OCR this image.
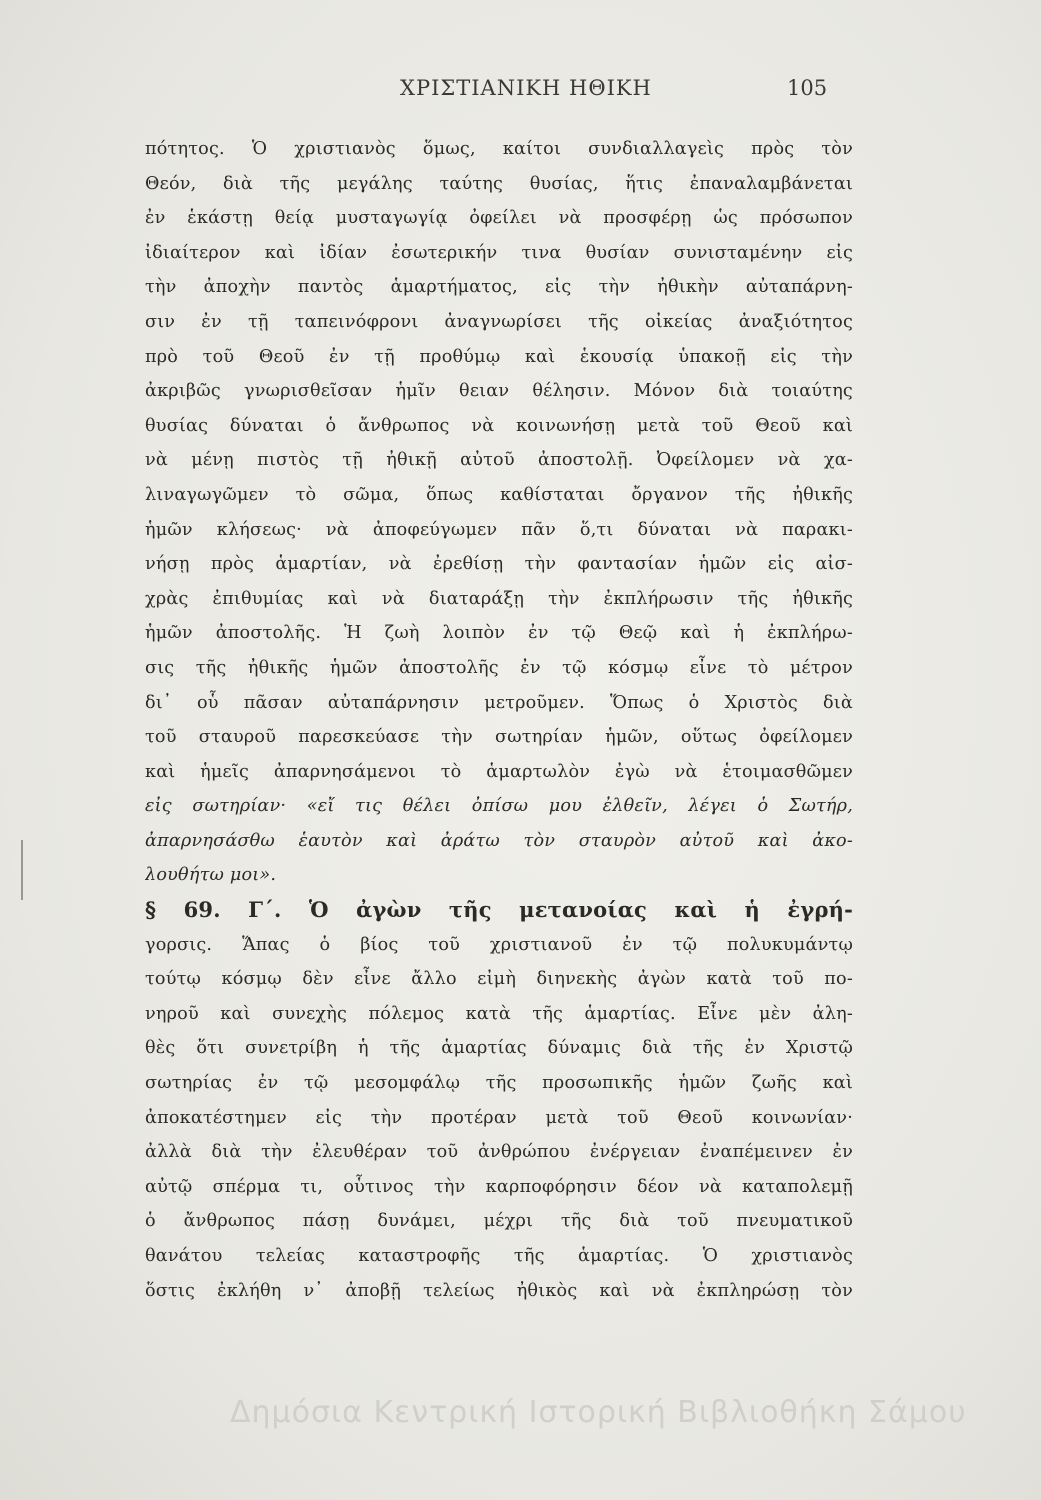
ΧΡΙΣΤΙΑΝΙΚΗ ΗΘΙΚΗ	105
πότητος. Ὁ χριστιανὸς ὅμως, καίτοι συνδιαλλαγεὶς πρὸς τὸν
Θεόν, διὰ τῆς μεγάλης ταύτης θυσίας, ἥτις ἐπαναλαμβάνεται
ἐν ἑκάστῃ θείᾳ μυσταγωγίᾳ ὀφείλει νὰ προσφέρῃ ὡς πρόσωπον
ἰδιαίτερον καὶ ἰδίαν ἐσωτερικήν τινα θυσίαν συνισταμένην εἰς
τὴν ἀποχὴν παντὸς ἁμαρτήματος, εἰς τὴν ἠθικὴν αὐταπάρνη-
σιν ἐν τῇ ταπεινόφρονι ἀναγνωρίσει τῆς οἰκείας ἀναξιότητος
πρὸ τοῦ Θεοῦ ἐν τῇ προθύμῳ καὶ ἑκουσίᾳ ὑπακοῇ εἰς τὴν
ἀκριβῶς γνωρισθεῖσαν ἡμῖν θειαν θέλησιν. Μόνον διὰ τοιαύτης
θυσίας δύναται ὁ ἄνθρωπος νὰ κοινωνήσῃ μετὰ τοῦ Θεοῦ καὶ
νὰ μένῃ πιστὸς τῇ ἠθικῇ αὐτοῦ ἀποστολῇ. Ὀφείλομεν νὰ χα-
λιναγωγῶμεν τὸ σῶμα, ὅπως καθίσταται ὄργανον τῆς ἠθικῆς
ἡμῶν κλήσεως· νὰ ἀποφεύγωμεν πᾶν ὅ,τι δύναται νὰ παρακι-
νήσῃ πρὸς ἁμαρτίαν, νὰ ἐρεθίσῃ τὴν φαντασίαν ἡμῶν εἰς αἰσ-
χρὰς ἐπιθυμίας καὶ νὰ διαταράξῃ τὴν ἐκπλήρωσιν τῆς ἠθικῆς
ἡμῶν ἀποστολῆς. Ἡ ζωὴ λοιπὸν ἐν τῷ Θεῷ καὶ ἡ ἐκπλήρω-
σις τῆς ἠθικῆς ἡμῶν ἀποστολῆς ἐν τῷ κόσμῳ εἶνε τὸ μέτρον
δι᾿ οὗ πᾶσαν αὐταπάρνησιν μετροῦμεν. Ὅπως ὁ Χριστὸς διὰ
τοῦ σταυροῦ παρεσκεύασε τὴν σωτηρίαν ἡμῶν, οὕτως ὀφείλομεν
καὶ ἡμεῖς ἀπαρνησάμενοι τὸ ἁμαρτωλὸν ἐγὼ νὰ ἑτοιμασθῶμεν
εἰς σωτηρίαν· «εἴ τις θέλει ὀπίσω μου ἐλθεῖν, λέγει ὁ Σωτήρ,
ἀπαρνησάσθω ἑαυτὸν καὶ ἀράτω τὸν σταυρὸν αὐτοῦ καὶ ἀκο-
λουθήτω μοι».
§ 69. Γ΄. Ὁ ἀγὼν τῆς μετανοίας καὶ ἡ ἐγρή-
γορσις. Ἅπας ὁ βίος τοῦ χριστιανοῦ ἐν τῷ πολυκυμάντῳ
τούτῳ κόσμῳ δὲν εἶνε ἄλλο εἰμὴ διηνεκὴς ἀγὼν κατὰ τοῦ πο-
νηροῦ καὶ συνεχὴς πόλεμος κατὰ τῆς ἁμαρτίας. Εἶνε μὲν ἀλη-
θὲς ὅτι συνετρίβη ἡ τῆς ἁμαρτίας δύναμις διὰ τῆς ἐν Χριστῷ
σωτηρίας ἐν τῷ μεσομφάλῳ τῆς προσωπικῆς ἡμῶν ζωῆς καὶ
ἀποκατέστημεν εἰς τὴν προτέραν μετὰ τοῦ Θεοῦ κοινωνίαν·
ἀλλὰ διὰ τὴν ἐλευθέραν τοῦ ἀνθρώπου ἐνέργειαν ἐναπέμεινεν ἐν
αὐτῷ σπέρμα τι, οὗτινος τὴν καρποφόρησιν δέον νὰ καταπολεμῇ
ὁ ἄνθρωπος πάσῃ δυνάμει, μέχρι τῆς διὰ τοῦ πνευματικοῦ
θανάτου τελείας καταστροφῆς τῆς ἁμαρτίας. Ὁ χριστιανὸς
ὅστις ἐκλήθη ν᾿ ἀποβῇ τελείως ἠθικὸς καὶ νὰ ἐκπληρώσῃ τὸν
Δημόσια Κεντρική Ιστορική Βιβλιοθήκη Σάμου
